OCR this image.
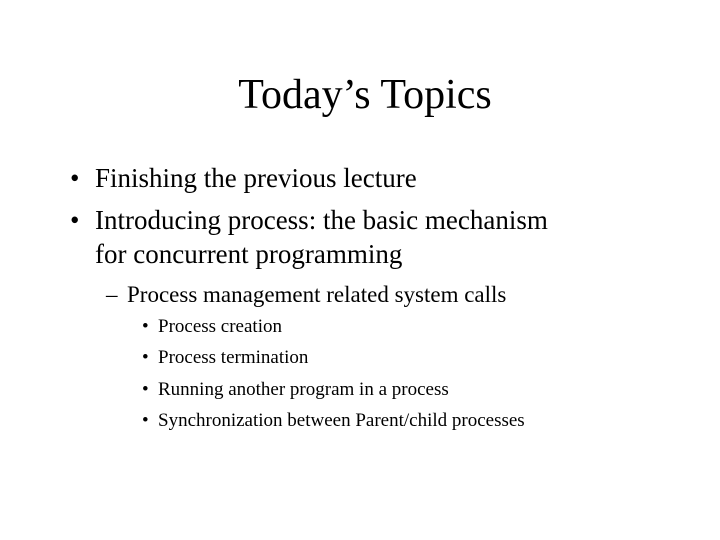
Today’s Topics
• Finishing the previous lecture
• Introducing process: the basic mechanism
for concurrent programming
– Process management related system calls
• Process creation
• Process termination
• Running another program in a process
• Synchronization between Parent/child processes
